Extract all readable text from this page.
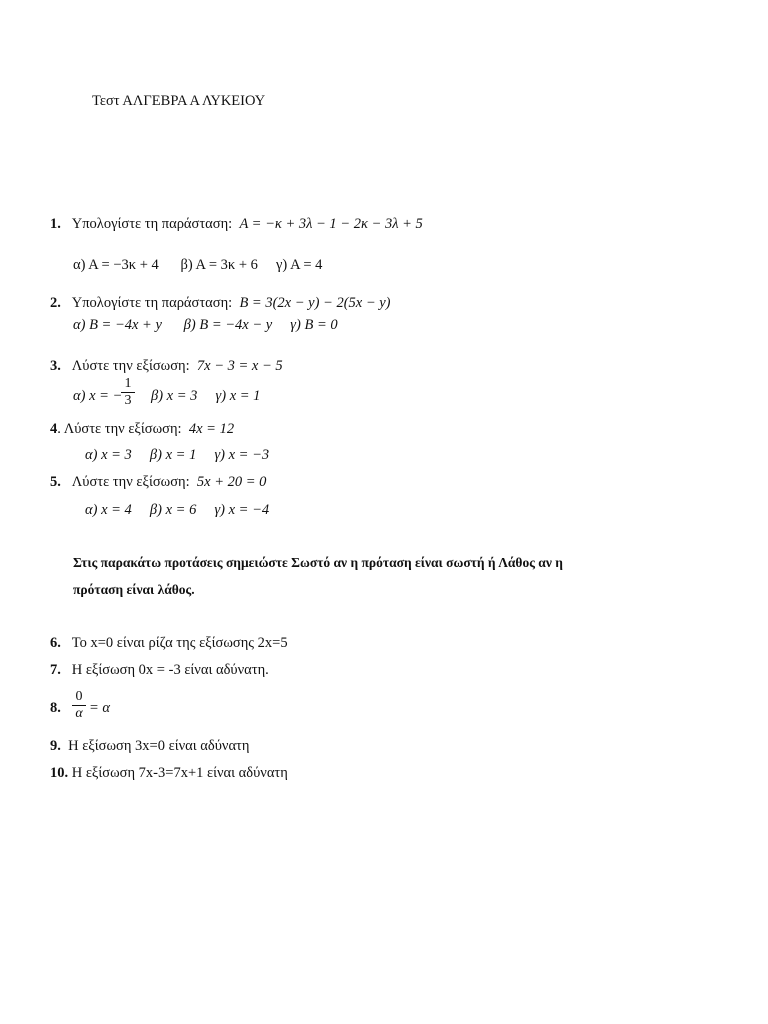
Τεστ ΑΛΓΕΒΡΑ Α ΛΥΚΕΙΟΥ
1. Υπολογίστε τη παράσταση: Α = −κ + 3λ − 1 − 2κ − 3λ + 5
α) Α = −3κ + 4 β) Α = 3κ + 6 γ) Α = 4
2. Υπολογίστε τη παράσταση: Β = 3(2x − y) − 2(5x − y)
α) B = −4x + y β) B = −4x − y γ) B = 0
3. Λύστε την εξίσωση: 7x − 3 = x − 5
α) x = −
1
3 β) x = 3 γ) x = 1
4. Λύστε την εξίσωση: 4x = 12
α) x = 3 β) x = 1 γ) x = −3
5. Λύστε την εξίσωση: 5x + 20 = 0
α) x = 4 β) x = 6 γ) x = −4
Στις παρακάτω προτάσεις σημειώστε Σωστό αν η πρόταση είναι σωστή ή Λάθος αν η
πρόταση είναι λάθος.
6. Το x=0 είναι ρίζα της εξίσωσης 2x=5
7. Η εξίσωση 0x = -3 είναι αδύνατη.
8.
0
α = α
9. Η εξίσωση 3x=0 είναι αδύνατη
10. Η εξίσωση 7x-3=7x+1 είναι αδύνατη
